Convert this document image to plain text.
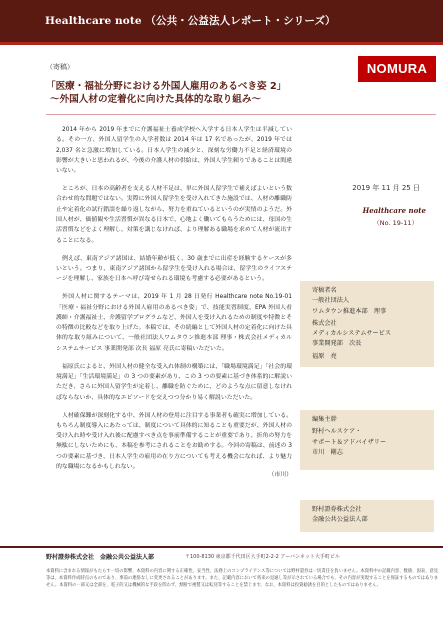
Healthcare note （公共・公益法人レポート・シリーズ）
（寄稿）	NOMURA
「医療・福祉分野における外国人雇用のあるべき姿 2」
～外国人材の定着化に向けた具体的な取り組み～

2014 年から 2019 年までに介護福祉士養成学校へ入学する日本人学生は半減している。その一方、外国人留学生の入学者数は 2014 年は 17 名であったが、2019 年では 2,037 名と急激に増加している。日本人学生の減少と、深刻な労働力不足と経済環境の影響が大きいと思われるが、今後の介護人材の供給は、外国人学生頼りであることは間違いない。

ところが、日本の高齢者を支える人材不足は、単に外国人留学生で補えばよいという数合わせ的な問題ではない。実際に外国人留学生を受け入れてきた施設では、人材の離職防止や定着化の試行錯誤を繰り返しながら、努力を重ねているというのが実情のようだ。外国人材が、価値観や生活習慣が異なる日本で、心地よく働いてもらうためには、母国の生活習慣などをよく理解し、対策を講じなければ、より理解ある職場を求めて人材が流出することになる。

例えば、東南アジア諸国は、結婚年齢が低く、30 歳までに出産を経験するケースが多いという。つまり、東南アジア諸国から留学生を受け入れる場合は、留学生のライフステージを理解し、家族を日本へ呼び寄せられる環境も考慮する必要があるという。

外国人材に関するテーマは、2019 年 1 月 28 日発行 Healthcare note No.19-01「医療・福祉分野における外国人雇用のあるべき姿」で、技能実習制度、EPA 外国人看護師・介護福祉士、介護留学プログラムなど、外国人を受け入れるための制度や特徴とその特徴の比較などを取り上げた。本稿では、その続編として外国人材の定着化に向けた具体的な取り組みについて、一般社団法人ワムタウン推進本部 理事・株式会社メディカルシステムサービス 事業開発部 次長 福原 亮氏に寄稿いただいた。

福原氏によると、外国人材の健全な受入れ体制の構築には、「職場環境満足」「社会的環境満足」「生活環境満足」の 3 つの要素があり、この 3 つの要素に基づき体系的に解説いただき、さらに外国人留学生が定着し、離職を防ぐために、どのような点に留意しなければならないか、具体的なエピソードを交えつつ分かり易く解説いただいた。

人材確保難が深刻化する中、外国人材の登用に注目する事業者も確実に増加している。もちろん制度導入にあたっては、制度について具体的に知ることも重要だが、外国人材の受け入れ時や受け入れ後に配慮すべき点を事前準備することが重要であり、折角の努力を無駄にしないためにも、本稿を参考にされることをお勧めする。今回の寄稿は、前述の 3 つの要素に基づき、日本人学生の雇用の在り方についても考える機会になれば、より魅力的な職場になるかもしれない。

（市川）

2019 年 11 月 25 日
Healthcare note
（No. 19-11）
寄稿者名
一般社団法人
ワムタウン推進本部　理事
株式会社
メディカルシステムサービス
事業開発部　次長
福原　亮
編集主幹
野村ヘルスケア・
サポート＆アドバイザリー
市川　剛志
野村證券株式会社
金融公共公益法人部
野村證券株式会社　金融公共公益法人部	〒100-8130 東京都千代田区大手町2-2-2 アーバンネット大手町ビル
本資料に含まれる情報がもたらす一切の影響、本資料の内容に関する正確性、妥当性、法務上のコンプライアンス等については野村證券は一切責任を負いません。本資料中の記載内容、数値、図表、意見等は、本資料作成時点のものであり、事前の連絡なしに変更されることがあります。また、記載内容において将来の見通し等が示されている場合でも、その内容が実現することを保証するものではありません。本資料の一部又は全部を、電子的又は機械的な手段を問わず、無断で複製又は転送等することを禁じます。なお、本資料は投資勧誘を目的としたものではありません。
